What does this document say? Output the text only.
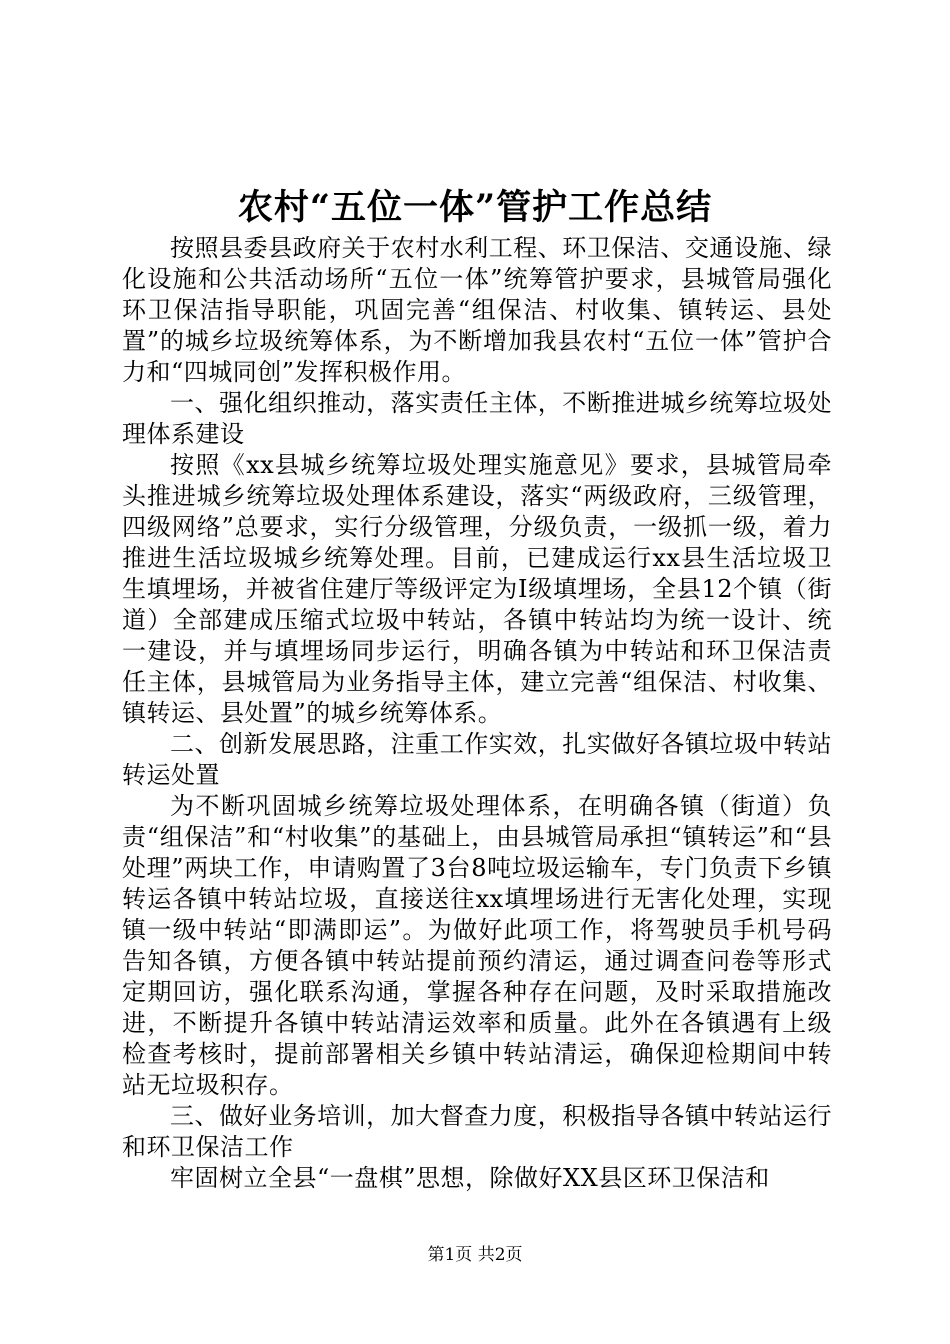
农村“五位一体”管护工作总结

按照县委县政府关于农村水利工程、环卫保洁、交通设施、绿化设施和公共活动场所“五位一体”统筹管护要求，县城管局强化环卫保洁指导职能，巩固完善“组保洁、村收集、镇转运、县处置”的城乡垃圾统筹体系，为不断增加我县农村“五位一体”管护合力和“四城同创”发挥积极作用。

一、强化组织推动，落实责任主体，不断推进城乡统筹垃圾处理体系建设

按照《xx县城乡统筹垃圾处理实施意见》要求，县城管局牵头推进城乡统筹垃圾处理体系建设，落实“两级政府，三级管理，四级网络”总要求，实行分级管理，分级负责，一级抓一级，着力推进生活垃圾城乡统筹处理。目前，已建成运行xx县生活垃圾卫生填埋场，并被省住建厅等级评定为Ⅰ级填埋场，全县12个镇（街道）全部建成压缩式垃圾中转站，各镇中转站均为统一设计、统一建设，并与填埋场同步运行，明确各镇为中转站和环卫保洁责任主体，县城管局为业务指导主体，建立完善“组保洁、村收集、镇转运、县处置”的城乡统筹体系。

二、创新发展思路，注重工作实效，扎实做好各镇垃圾中转站转运处置

为不断巩固城乡统筹垃圾处理体系，在明确各镇（街道）负责“组保洁”和“村收集”的基础上，由县城管局承担“镇转运”和“县处理”两块工作，申请购置了3台8吨垃圾运输车，专门负责下乡镇转运各镇中转站垃圾，直接送往xx填埋场进行无害化处理，实现镇一级中转站“即满即运”。为做好此项工作，将驾驶员手机号码告知各镇，方便各镇中转站提前预约清运，通过调查问卷等形式定期回访，强化联系沟通，掌握各种存在问题，及时采取措施改进，不断提升各镇中转站清运效率和质量。此外在各镇遇有上级检查考核时，提前部署相关乡镇中转站清运，确保迎检期间中转站无垃圾积存。

三、做好业务培训，加大督查力度，积极指导各镇中转站运行和环卫保洁工作

牢固树立全县“一盘棋”思想，除做好XX县区环卫保洁和

第1页 共2页
